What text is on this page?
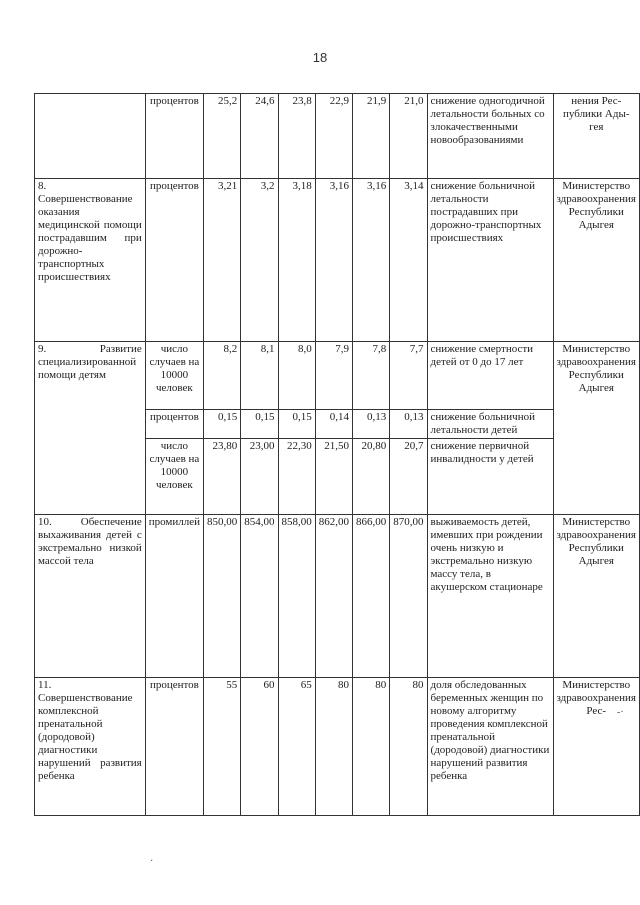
18
	процентов	25,2	24,6	23,8	22,9	21,9	21,0	снижение одногодичной летальности больных со злокачественными новообразованиями	нения Рес-публики Ады-гея
8. Совершенствование оказания медицинской помощи пострадавшим при дорожно-транспортных происшествиях	процентов	3,21	3,2	3,18	3,16	3,16	3,14	снижение больничной летальности пострадавших при дорожно-транспортных происшествиях	Министерство здравоохранения Республики Адыгея
9. Развитие специализированной помощи детям	число случаев на 10000 человек	8,2	8,1	8,0	7,9	7,8	7,7	снижение смертности детей от 0 до 17 лет	Министерство здравоохранения Республики Адыгея
	процентов	0,15	0,15	0,15	0,14	0,13	0,13	снижение больничной летальности детей	
	число случаев на 10000 человек	23,80	23,00	22,30	21,50	20,80	20,7	снижение первичной инвалидности у детей	
10. Обеспечение выхаживания детей с экстремально низкой массой тела	промиллей	850,00	854,00	858,00	862,00	866,00	870,00	выживаемость детей, имевших при рождении очень низкую и экстремально низкую массу тела, в акушерском стационаре	Министерство здравоохранения Республики Адыгея
11. Совершенствование комплексной пренатальной (дородовой) диагностики нарушений развития ребенка	процентов	55	60	65	80	80	80	доля обследованных беременных женщин по новому алгоритму проведения комплексной пренатальной (дородовой) диагностики нарушений развития ребенка	Министерство здравоохранения Рес- -·
·
